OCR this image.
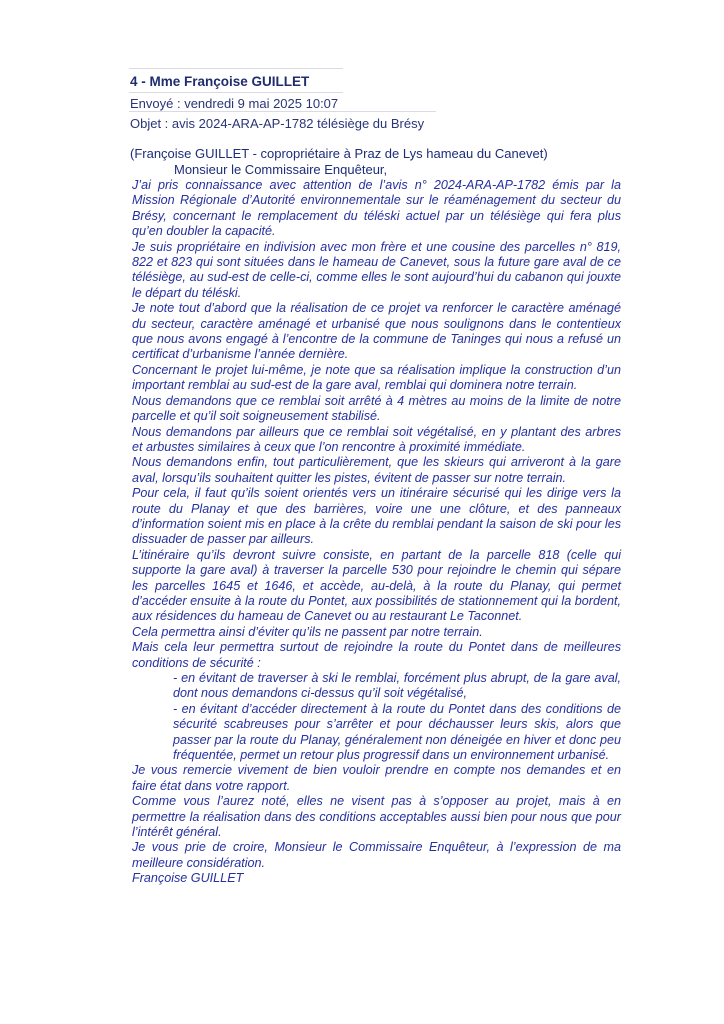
4 - Mme Françoise GUILLET
Envoyé : vendredi 9 mai 2025 10:07
Objet : avis 2024-ARA-AP-1782 télésiège du Brésy
(Françoise GUILLET - copropriétaire à Praz de Lys hameau du Canevet)
Monsieur le Commissaire Enquêteur,

J’ai pris connaissance avec attention de l’avis n° 2024-ARA-AP-1782 émis par la Mission Régionale d’Autorité environnementale sur le réaménagement du secteur du Brésy, concernant le remplacement du téléski actuel par un télésiège qui fera plus qu’en doubler la capacité.

Je suis propriétaire en indivision avec mon frère et une cousine des parcelles n° 819, 822 et 823 qui sont situées dans le hameau de Canevet, sous la future gare aval de ce télésiège, au sud-est de celle-ci, comme elles le sont aujourd’hui du cabanon qui jouxte le départ du téléski.

Je note tout d’abord que la réalisation de ce projet va renforcer le caractère aménagé du secteur, caractère aménagé et urbanisé que nous soulignons dans le contentieux que nous avons engagé à l’encontre de la commune de Taninges qui nous a refusé un certificat d’urbanisme l’année dernière.

Concernant le projet lui-même, je note que sa réalisation implique la construction d’un important remblai au sud-est de la gare aval, remblai qui dominera notre terrain.

Nous demandons que ce remblai soit arrêté à 4 mètres au moins de la limite de notre parcelle et qu’il soit soigneusement stabilisé.

Nous demandons par ailleurs que ce remblai soit végétalisé, en y plantant des arbres et arbustes similaires à ceux que l’on rencontre à proximité immédiate.

Nous demandons enfin, tout particulièrement, que les skieurs qui arriveront à la gare aval, lorsqu’ils souhaitent quitter les pistes, évitent de passer sur notre terrain.

Pour cela, il faut qu’ils soient orientés vers un itinéraire sécurisé qui les dirige vers la route du Planay et que des barrières, voire une une clôture, et des panneaux d’information soient mis en place à la crête du remblai pendant la saison de ski pour les dissuader de passer par ailleurs.

L’itinéraire qu’ils devront suivre consiste, en partant de la parcelle 818 (celle qui supporte la gare aval) à traverser la parcelle 530 pour rejoindre le chemin qui sépare les parcelles 1645 et 1646, et accède, au-delà, à la route du Planay, qui permet d’accéder ensuite à la route du Pontet, aux possibilités de stationnement qui la bordent, aux résidences du hameau de Canevet ou au restaurant Le Taconnet.

Cela permettra ainsi d’éviter qu’ils ne passent par notre terrain.

Mais cela leur permettra surtout de rejoindre la route du Pontet dans de meilleures conditions de sécurité :

- en évitant de traverser à ski le remblai, forcément plus abrupt, de la gare aval, dont nous demandons ci-dessus qu’il soit végétalisé,

- en évitant d’accéder directement à la route du Pontet dans des conditions de sécurité scabreuses pour s’arrêter et pour déchausser leurs skis, alors que passer par la route du Planay, généralement non déneigée en hiver et donc peu fréquentée, permet un retour plus progressif dans un environnement urbanisé.

Je vous remercie vivement de bien vouloir prendre en compte nos demandes et en faire état dans votre rapport.

Comme vous l’aurez noté, elles ne visent pas à s’opposer au projet, mais à en permettre la réalisation dans des conditions acceptables aussi bien pour nous que pour l’intérêt général.

Je vous prie de croire, Monsieur le Commissaire Enquêteur, à l’expression de ma meilleure considération.

Françoise GUILLET
